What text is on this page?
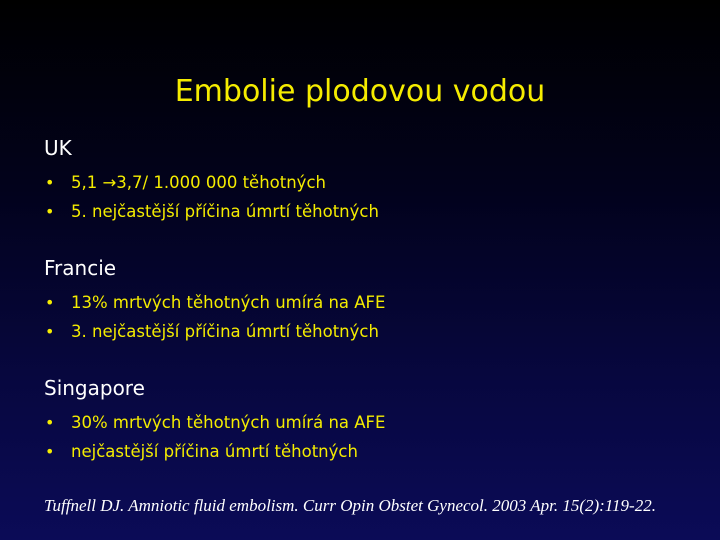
Embolie plodovou vodou
UK
• 5,1 →3,7/ 1.000 000 těhotných
• 5. nejčastější příčina úmrtí těhotných
Francie
• 13% mrtvých těhotných umírá na AFE
• 3. nejčastější příčina úmrtí těhotných
Singapore
• 30% mrtvých těhotných umírá na AFE
• nejčastější příčina úmrtí těhotných
Tuffnell DJ. Amniotic fluid embolism. Curr Opin Obstet Gynecol. 2003 Apr. 15(2):119-22.
